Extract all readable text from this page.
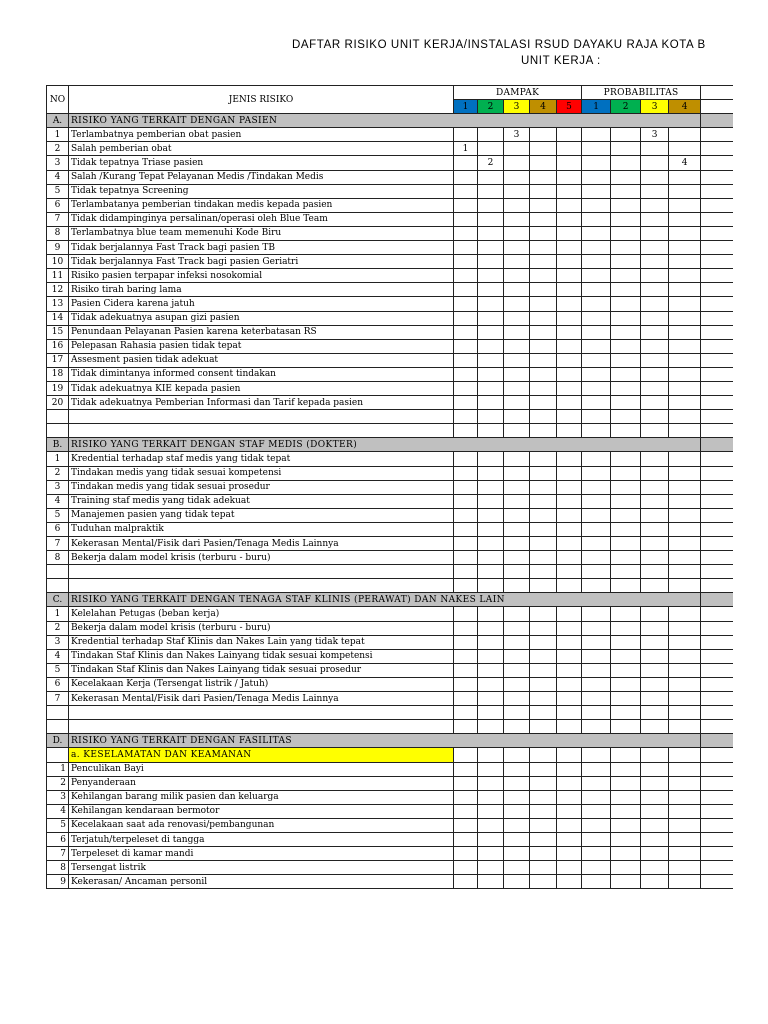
DAFTAR RISIKO UNIT KERJA/INSTALASI RSUD DAYAKU RAJA KOTA B
UNIT KERJA :
NO	JENIS RISIKO	DAMPAK					PROBABILITAS				
		1	2	3	4	5	1	2	3	4	
A.	RISIKO YANG TERKAIT DENGAN PASIEN										
1	Terlambatnya pemberian obat pasien			3					3		
2	Salah pemberian obat	1									
3	Tidak tepatnya Triase pasien		2							4	
4	Salah /Kurang Tepat Pelayanan Medis /Tindakan Medis										
5	Tidak tepatnya Screening										
6	Terlambatanya pemberian tindakan medis kepada pasien										
7	Tidak didampinginya persalinan/operasi oleh Blue Team										
8	Terlambatnya blue team memenuhi Kode Biru										
9	Tidak berjalannya Fast Track bagi pasien TB										
10	Tidak berjalannya Fast Track bagi pasien Geriatri										
11	Risiko pasien terpapar infeksi nosokomial										
12	Risiko tirah baring lama										
13	Pasien Cidera karena jatuh										
14	Tidak adekuatnya asupan gizi pasien										
15	Penundaan Pelayanan Pasien karena keterbatasan RS										
16	Pelepasan Rahasia pasien tidak tepat										
17	Assesment pasien tidak adekuat										
18	Tidak dimintanya informed consent tindakan										
19	Tidak adekuatnya KIE kepada pasien										
20	Tidak adekuatnya Pemberian Informasi dan Tarif kepada pasien										

B.	RISIKO YANG TERKAIT DENGAN STAF MEDIS (DOKTER)										
1	Kredential terhadap staf medis yang tidak tepat										
2	Tindakan medis yang tidak sesuai kompetensi										
3	Tindakan medis yang tidak sesuai prosedur										
4	Training staf medis yang tidak adekuat										
5	Manajemen pasien yang tidak tepat										
6	Tuduhan malpraktik										
7	Kekerasan Mental/Fisik dari Pasien/Tenaga Medis Lainnya										
8	Bekerja dalam model krisis (terburu - buru)										

C.	RISIKO YANG TERKAIT DENGAN TENAGA STAF KLINIS (PERAWAT) DAN NAKES LAIN										
1	Kelelahan Petugas (beban kerja)										
2	Bekerja dalam model krisis (terburu - buru)										
3	Kredential terhadap Staf Klinis dan Nakes Lain yang tidak tepat										
4	Tindakan Staf Klinis dan Nakes Lainyang tidak sesuai kompetensi										
5	Tindakan Staf Klinis dan Nakes Lainyang tidak sesuai prosedur										
6	Kecelakaan Kerja (Tersengat listrik / Jatuh)										
7	Kekerasan Mental/Fisik dari Pasien/Tenaga Medis Lainnya										

D.	RISIKO YANG TERKAIT DENGAN FASILITAS										
	a. KESELAMATAN DAN KEAMANAN										
1	Penculikan Bayi										
2	Penyanderaan										
3	Kehilangan barang milik pasien dan keluarga										
4	Kehilangan kendaraan bermotor										
5	Kecelakaan saat ada renovasi/pembangunan										
6	Terjatuh/terpeleset di tangga										
7	Terpeleset di kamar mandi										
8	Tersengat listrik										
9	Kekerasan/ Ancaman personil										
